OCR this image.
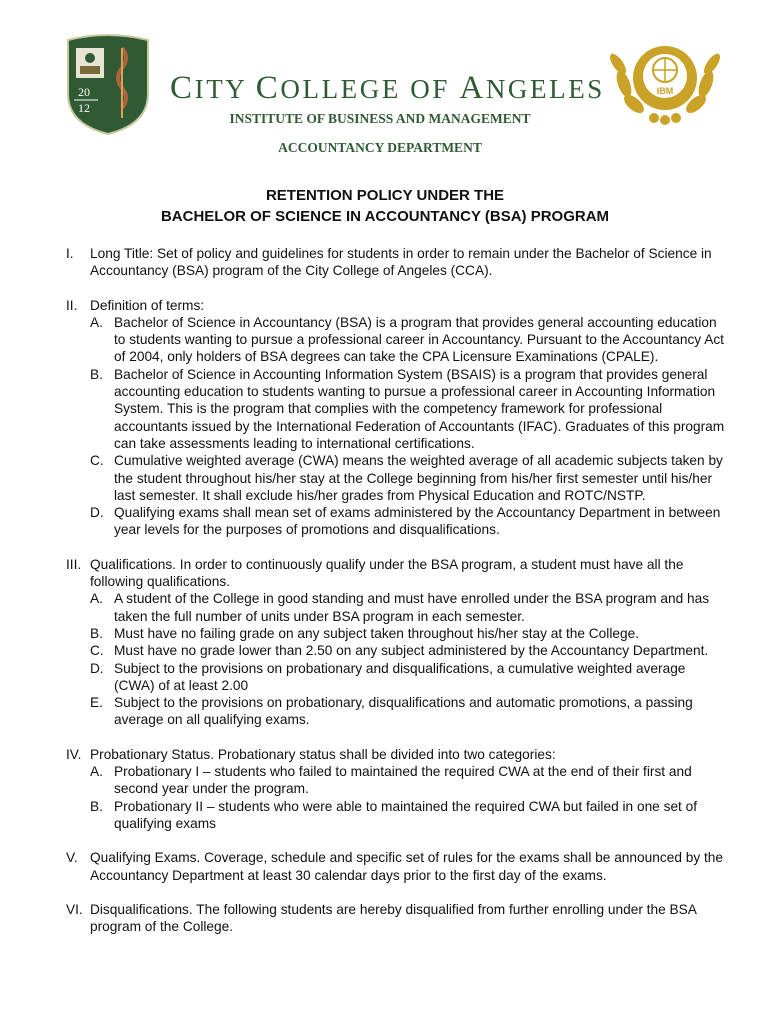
20
12
CITY COLLEGE OF ANGELES	IBM
INSTITUTE OF BUSINESS AND MANAGEMENT
ACCOUNTANCY DEPARTMENT
RETENTION POLICY UNDER THE
BACHELOR OF SCIENCE IN ACCOUNTANCY (BSA) PROGRAM
I.	Long Title: Set of policy and guidelines for students in order to remain under the Bachelor of Science in Accountancy (BSA) program of the City College of Angeles (CCA).
II. Definition of terms:
A. Bachelor of Science in Accountancy (BSA) is a program that provides general accounting education to students wanting to pursue a professional career in Accountancy. Pursuant to the Accountancy Act of 2004, only holders of BSA degrees can take the CPA Licensure Examinations (CPALE).
B. Bachelor of Science in Accounting Information System (BSAIS) is a program that provides general accounting education to students wanting to pursue a professional career in Accounting Information System. This is the program that complies with the competency framework for professional accountants issued by the International Federation of Accountants (IFAC). Graduates of this program can take assessments leading to international certifications.
C. Cumulative weighted average (CWA) means the weighted average of all academic subjects taken by the student throughout his/her stay at the College beginning from his/her first semester until his/her last semester. It shall exclude his/her grades from Physical Education and ROTC/NSTP.
D. Qualifying exams shall mean set of exams administered by the Accountancy Department in between year levels for the purposes of promotions and disqualifications.
III. Qualifications. In order to continuously qualify under the BSA program, a student must have all the following qualifications.
A. A student of the College in good standing and must have enrolled under the BSA program and has taken the full number of units under BSA program in each semester.
B. Must have no failing grade on any subject taken throughout his/her stay at the College.
C. Must have no grade lower than 2.50 on any subject administered by the Accountancy Department.
D. Subject to the provisions on probationary and disqualifications, a cumulative weighted average (CWA) of at least 2.00
E. Subject to the provisions on probationary, disqualifications and automatic promotions, a passing average on all qualifying exams.
IV. Probationary Status. Probationary status shall be divided into two categories:
A. Probationary I – students who failed to maintained the required CWA at the end of their first and second year under the program.
B. Probationary II – students who were able to maintained the required CWA but failed in one set of qualifying exams
V. Qualifying Exams. Coverage, schedule and specific set of rules for the exams shall be announced by the Accountancy Department at least 30 calendar days prior to the first day of the exams.
VI. Disqualifications. The following students are hereby disqualified from further enrolling under the BSA program of the College.
